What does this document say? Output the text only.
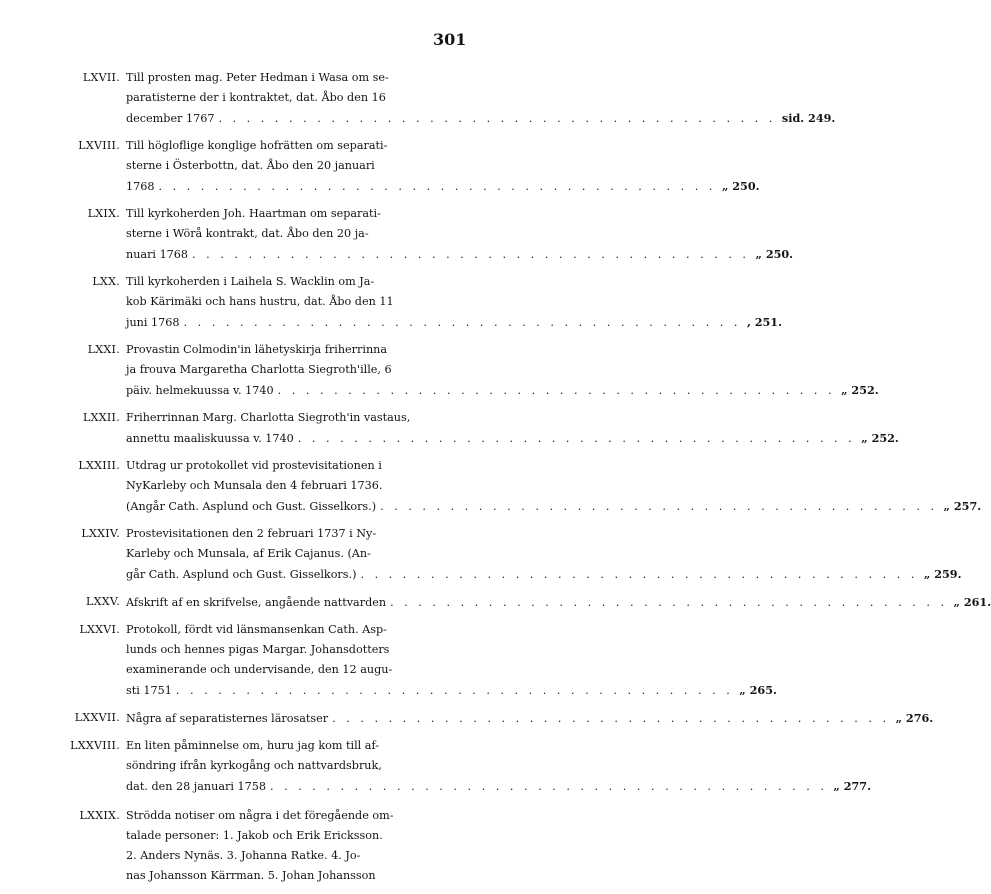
301
LXVII. Till prosten mag. Peter Hedman i Wasa om se-
paratisterne der i kontraktet, dat. Åbo den 16
december 1767 . . . . . . . . . . . . . . . . . . . . . . . . . . . . . . . . . . . . . . . . sid. 249.
LXVIII. Till högloflige konglige hofrätten om separati-
sterne i Österbottn, dat. Åbo den 20 januari
1768 . . . . . . . . . . . . . . . . . . . . . . . . . . . . . . . . . . . . . . . . „ 250.
LXIX. Till kyrkoherden Joh. Haartman om separati-
sterne i Wörå kontrakt, dat. Åbo den 20 ja-
nuari 1768 . . . . . . . . . . . . . . . . . . . . . . . . . . . . . . . . . . . . . . . . „ 250.
LXX. Till kyrkoherden i Laihela S. Wacklin om Ja-
kob Kärimäki och hans hustru, dat. Åbo den 11
juni 1768 . . . . . . . . . . . . . . . . . . . . . . . . . . . . . . . . . . . . . . . . , 251.
LXXI. Provastin Colmodin'in lähetyskirja friherrinna
ja frouva Margaretha Charlotta Siegroth'ille, 6
päiv. helmekuussa v. 1740 . . . . . . . . . . . . . . . . . . . . . . . . . . . . . . . . . . . . . . . . „ 252.
LXXII. Friherrinnan Marg. Charlotta Siegroth'in vastaus,
annettu maaliskuussa v. 1740 . . . . . . . . . . . . . . . . . . . . . . . . . . . . . . . . . . . . . . . . „ 252.
LXXIII. Utdrag ur protokollet vid prostevisitationen i
NyKarleby och Munsala den 4 februari 1736.
(Angår Cath. Asplund och Gust. Gisselkors.) . . . . . . . . . . . . . . . . . . . . . . . . . . . . . . . . . . . . . . . . „ 257.
LXXIV. Prostevisitationen den 2 februari 1737 i Ny-
Karleby och Munsala, af Erik Cajanus. (An-
går Cath. Asplund och Gust. Gisselkors.) . . . . . . . . . . . . . . . . . . . . . . . . . . . . . . . . . . . . . . . . „ 259.
LXXV. Afskrift af en skrifvelse, angående nattvarden . . . . . . . . . . . . . . . . . . . . . . . . . . . . . . . . . . . . . . . . „ 261.
LXXVI. Protokoll, fördt vid länsmansenkan Cath. Asp-
lunds och hennes pigas Margar. Johansdotters
examinerande och undervisande, den 12 augu-
sti 1751 . . . . . . . . . . . . . . . . . . . . . . . . . . . . . . . . . . . . . . . . „ 265.
LXXVII. Några af separatisternes lärosatser . . . . . . . . . . . . . . . . . . . . . . . . . . . . . . . . . . . . . . . . „ 276.
LXXVIII. En liten påminnelse om, huru jag kom till af-
söndring ifrån kyrkogång och nattvardsbruk,
dat. den 28 januari 1758 . . . . . . . . . . . . . . . . . . . . . . . . . . . . . . . . . . . . . . . . „ 277.
LXXIX. Strödda notiser om några i det föregående om-
talade personer: 1. Jakob och Erik Ericksson.
2. Anders Nynäs. 3. Johanna Ratke. 4. Jo-
nas Johansson Kärrman. 5. Johan Johansson
